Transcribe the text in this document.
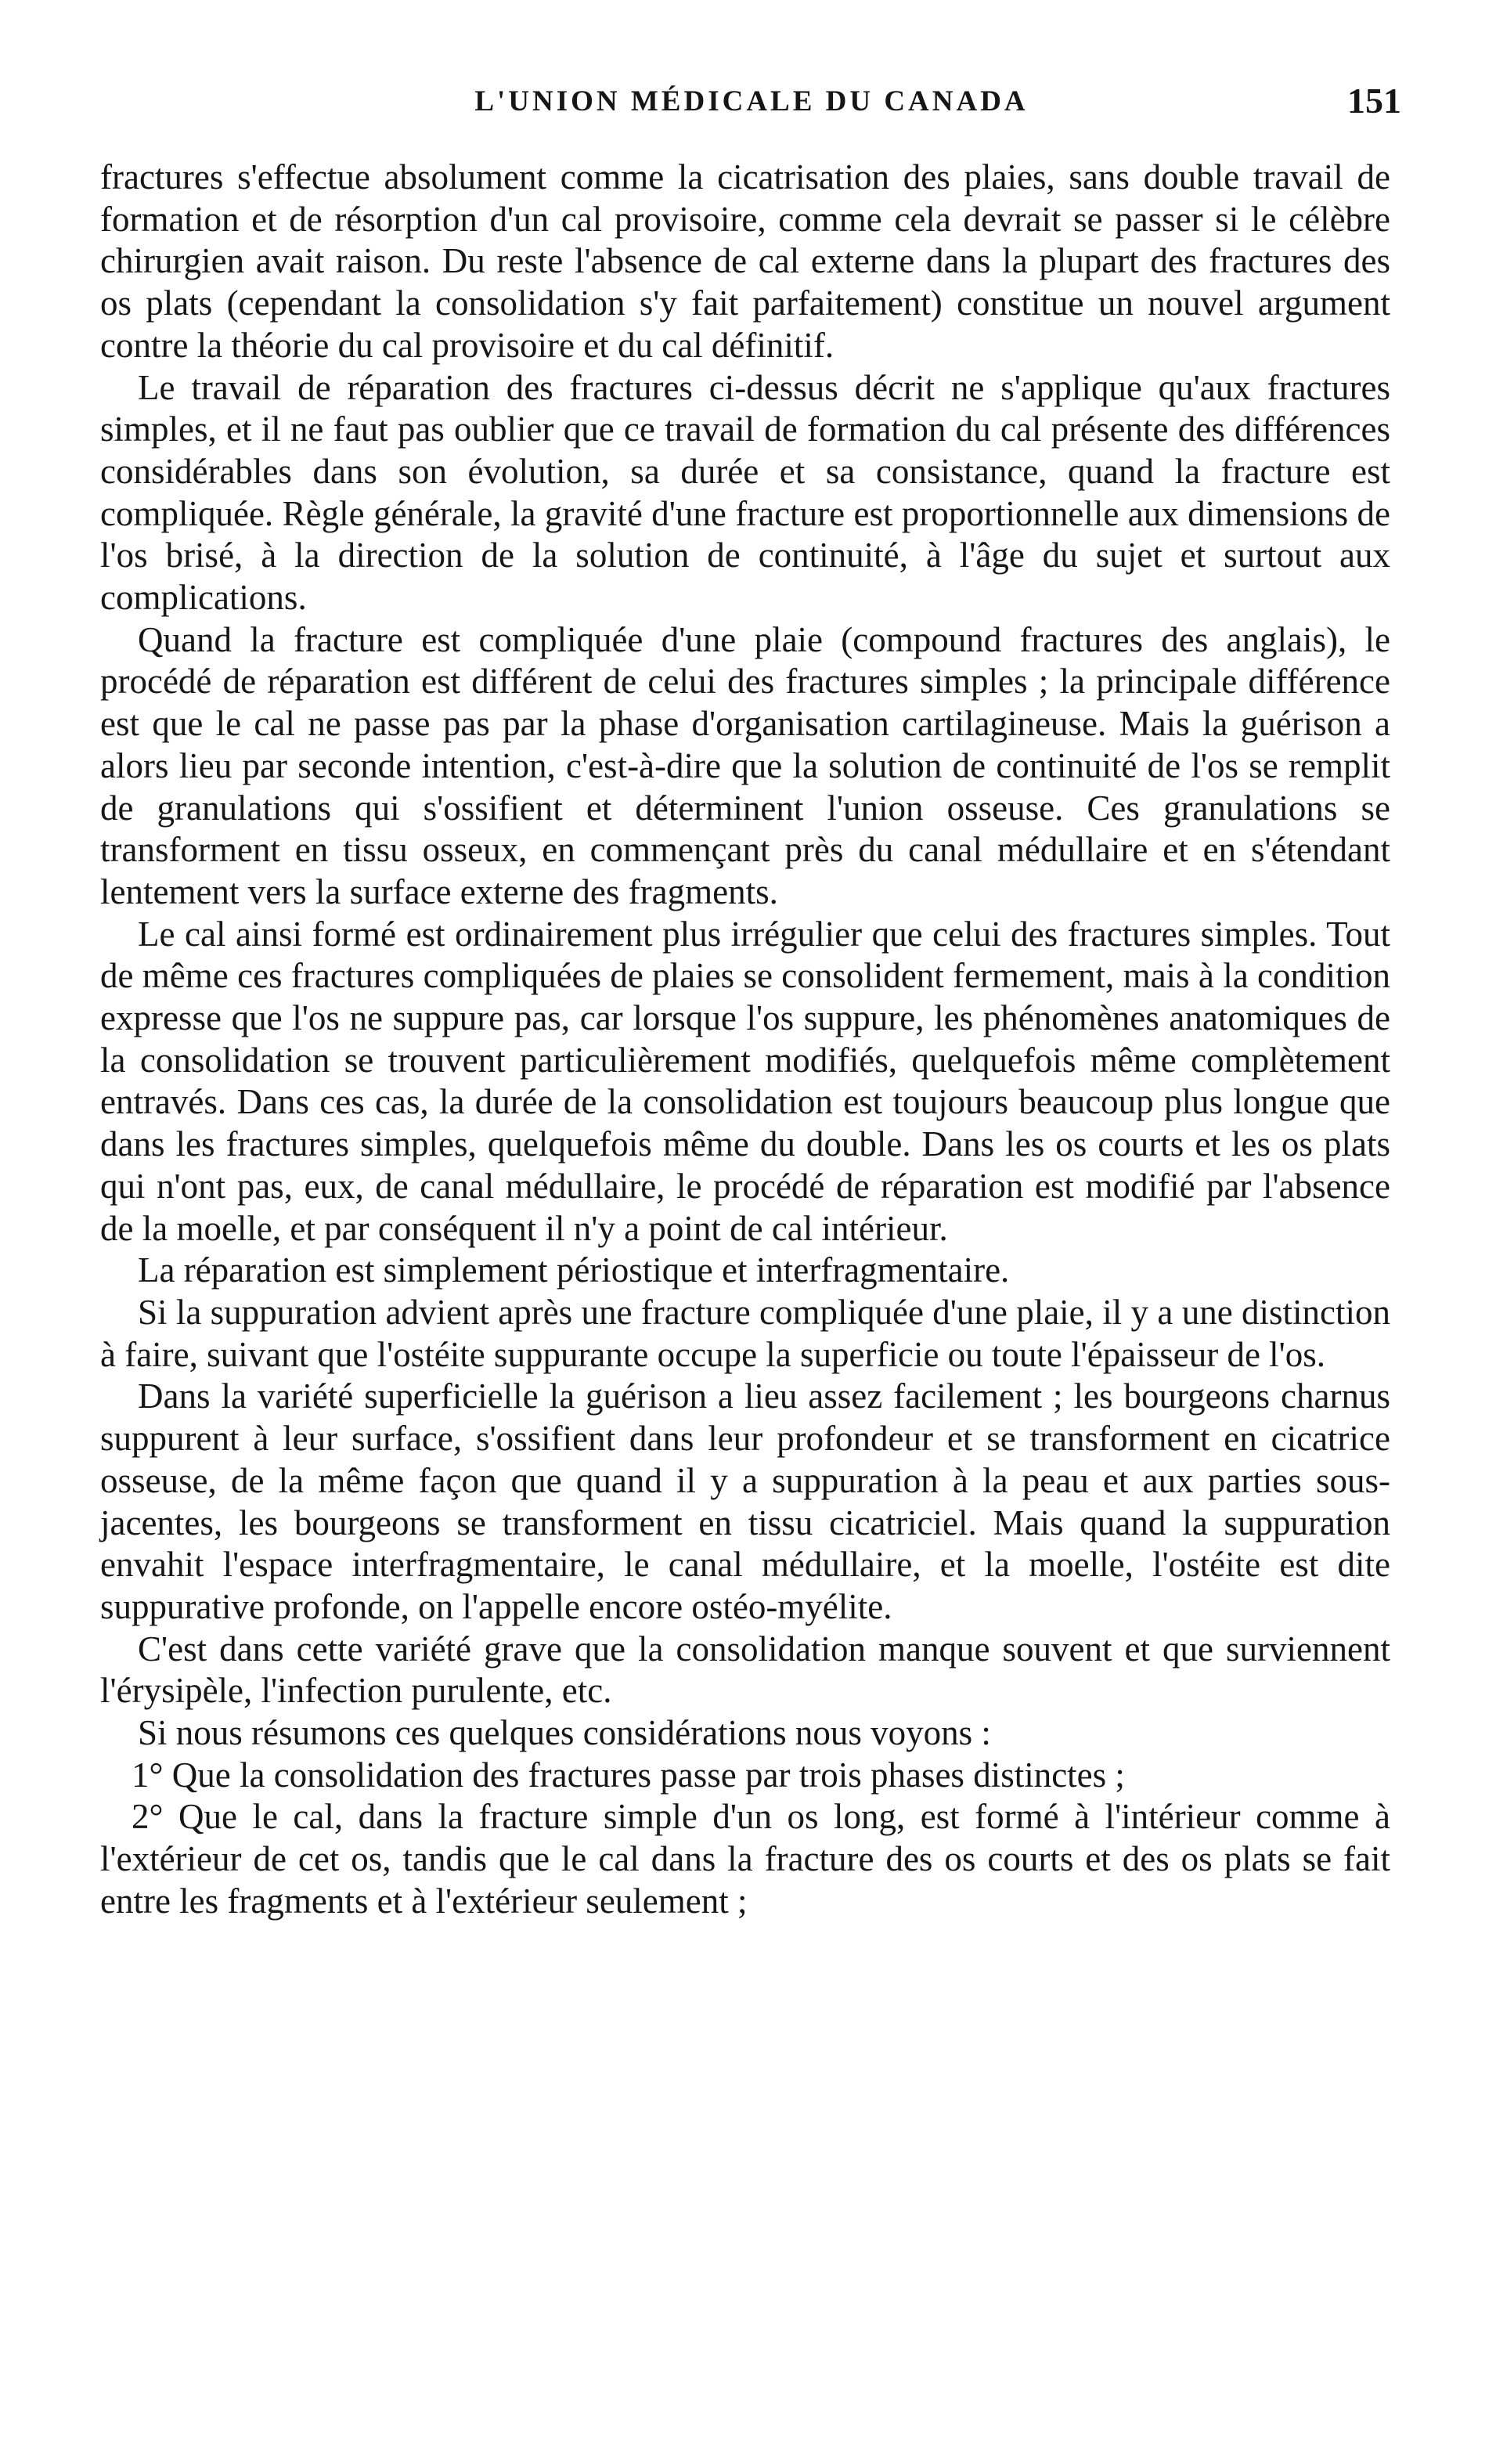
L'UNION MÉDICALE DU CANADA	151

fractures s'effectue absolument comme la cicatrisation des plaies, sans double travail de formation et de résorption d'un cal provisoire, comme cela devrait se passer si le célèbre chirurgien avait raison. Du reste l'absence de cal externe dans la plupart des fractures des os plats (cependant la consolidation s'y fait parfaitement) constitue un nouvel argument contre la théorie du cal provisoire et du cal définitif.

Le travail de réparation des fractures ci-dessus décrit ne s'applique qu'aux fractures simples, et il ne faut pas oublier que ce travail de formation du cal présente des différences considérables dans son évolution, sa durée et sa consistance, quand la fracture est compliquée. Règle générale, la gravité d'une fracture est proportionnelle aux dimensions de l'os brisé, à la direction de la solution de continuité, à l'âge du sujet et surtout aux complications.

Quand la fracture est compliquée d'une plaie (compound fractures des anglais), le procédé de réparation est différent de celui des fractures simples ; la principale différence est que le cal ne passe pas par la phase d'organisation cartilagineuse. Mais la guérison a alors lieu par seconde intention, c'est-à-dire que la solution de continuité de l'os se remplit de granulations qui s'ossifient et déterminent l'union osseuse. Ces granulations se transforment en tissu osseux, en commençant près du canal médullaire et en s'étendant lentement vers la surface externe des fragments.

Le cal ainsi formé est ordinairement plus irrégulier que celui des fractures simples. Tout de même ces fractures compliquées de plaies se consolident fermement, mais à la condition expresse que l'os ne suppure pas, car lorsque l'os suppure, les phénomènes anatomiques de la consolidation se trouvent particulièrement modifiés, quelquefois même complètement entravés. Dans ces cas, la durée de la consolidation est toujours beaucoup plus longue que dans les fractures simples, quelquefois même du double. Dans les os courts et les os plats qui n'ont pas, eux, de canal médullaire, le procédé de réparation est modifié par l'absence de la moelle, et par conséquent il n'y a point de cal intérieur.

La réparation est simplement périostique et interfragmentaire.

Si la suppuration advient après une fracture compliquée d'une plaie, il y a une distinction à faire, suivant que l'ostéite suppurante occupe la superficie ou toute l'épaisseur de l'os.

Dans la variété superficielle la guérison a lieu assez facilement ; les bourgeons charnus suppurent à leur surface, s'ossifient dans leur profondeur et se transforment en cicatrice osseuse, de la même façon que quand il y a suppuration à la peau et aux parties sous-jacentes, les bourgeons se transforment en tissu cicatriciel. Mais quand la suppuration envahit l'espace interfragmentaire, le canal médullaire, et la moelle, l'ostéite est dite suppurative profonde, on l'appelle encore ostéo-myélite.

C'est dans cette variété grave que la consolidation manque souvent et que surviennent l'érysipèle, l'infection purulente, etc.

Si nous résumons ces quelques considérations nous voyons :

1° Que la consolidation des fractures passe par trois phases distinctes ;

2° Que le cal, dans la fracture simple d'un os long, est formé à l'intérieur comme à l'extérieur de cet os, tandis que le cal dans la fracture des os courts et des os plats se fait entre les fragments et à l'extérieur seulement ;
